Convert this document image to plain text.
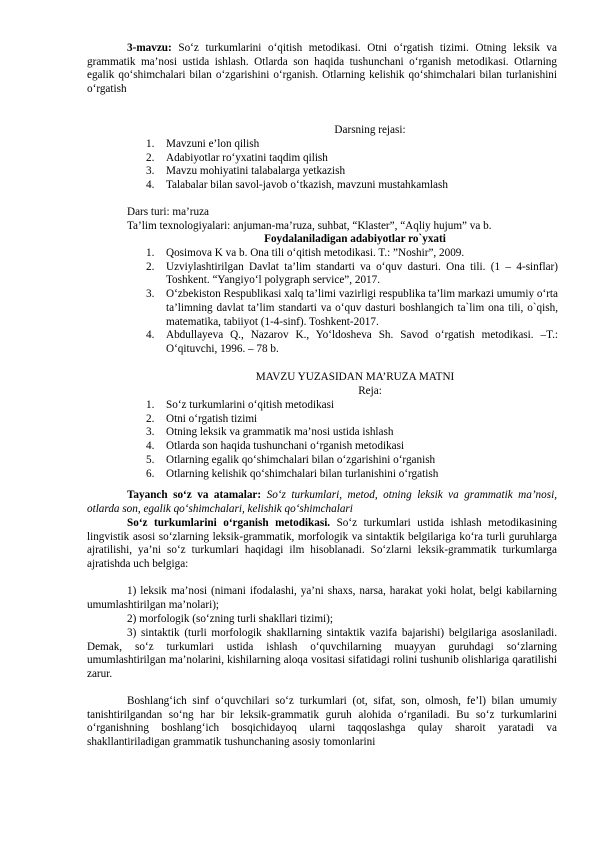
3-mavzu: So‘z turkumlarini o‘qitish metodikasi. Otni o‘rgatish tizimi. Otning leksik va grammatik ma’nosi ustida ishlash. Otlarda son haqida tushunchani o‘rganish metodikasi. Otlarning egalik qo‘shimchalari bilan o‘zgarishini o‘rganish. Otlarning kelishik qo‘shimchalari bilan turlanishini o‘rgatish

Darsning rejasi:

1. Mavzuni e’lon qilish
2. Adabiyotlar ro‘yxatini taqdim qilish
3. Mavzu mohiyatini talabalarga yetkazish
4. Talabalar bilan savol-javob o‘tkazish, mavzuni mustahkamlash

Dars turi: ma’ruza

Ta’lim texnologiyalari: anjuman-ma’ruza, suhbat, “Klaster”, “Aqliy hujum” va b.

Foydalaniladigan adabiyotlar ro`yxati

1. Qosimova K va b. Ona tili o‘qitish metodikasi. T.: ”Noshir”, 2009.
2. Uzviylashtirilgan Davlat ta’lim standarti va o‘quv dasturi. Ona tili. (1 – 4-sinflar) Toshkent. “Yangiyo‘l polygraph service”, 2017.
3. O‘zbekiston Respublikasi xalq ta’limi vazirligi respublika ta’lim markazi umumiy o‘rta ta’limning davlat ta’lim standarti va o‘quv dasturi boshlangich ta`lim ona tili, o`qish, matematika, tabiiyot (1-4-sinf). Toshkent-2017.
4. Abdullayeva Q., Nazarov K., Yo‘ldosheva Sh. Savod o‘rgatish metodikasi. –T.: O‘qituvchi, 1996. – 78 b.

MAVZU YUZASIDAN MA’RUZA MATNI

Reja:

1. So‘z turkumlarini o‘qitish metodikasi
2. Otni o‘rgatish tizimi
3. Otning leksik va grammatik ma’nosi ustida ishlash
4. Otlarda son haqida tushunchani o‘rganish metodikasi
5. Otlarning egalik qo‘shimchalari bilan o‘zgarishini o‘rganish
6. Otlarning kelishik qo‘shimchalari bilan turlanishini o‘rgatish

Tayanch so‘z va atamalar: So‘z turkumlari, metod, otning leksik va grammatik ma’nosi, otlarda son, egalik qo‘shimchalari, kelishik qo‘shimchalari

So‘z turkumlarini o‘rganish metodikasi. So‘z turkumlari ustida ishlash metodikasining lingvistik asosi so‘zlarning leksik-grammatik, morfologik va sintaktik belgilariga ko‘ra turli guruhlarga ajratilishi, ya’ni so‘z turkumlari haqidagi ilm hisoblanadi. So‘zlarni leksik-grammatik turkumlarga ajratishda uch belgiga:

1) leksik ma’nosi (nimani ifodalashi, ya’ni shaxs, narsa, harakat yoki holat, belgi kabilarning umumlashtirilgan ma’nolari);

2) morfologik (so‘zning turli shakllari tizimi);

3) sintaktik (turli morfologik shakllarning sintaktik vazifa bajarishi) belgilariga asoslaniladi. Demak, so‘z turkumlari ustida ishlash o‘quvchilarning muayyan guruhdagi so‘zlarning umumlashtirilgan ma’nolarini, kishilarning aloqa vositasi sifatidagi rolini tushunib olishlariga qaratilishi zarur.

Boshlang‘ich sinf o‘quvchilari so‘z turkumlari (ot, sifat, son, olmosh, fe’l) bilan umumiy tanishtirilgandan so‘ng har bir leksik-grammatik guruh alohida o‘rganiladi. Bu so‘z turkumlarini o‘rganishning boshlang‘ich bosqichidayoq ularni taqqoslashga qulay sharoit yaratadi va shakllantiriladigan grammatik tushunchaning asosiy tomonlarini
